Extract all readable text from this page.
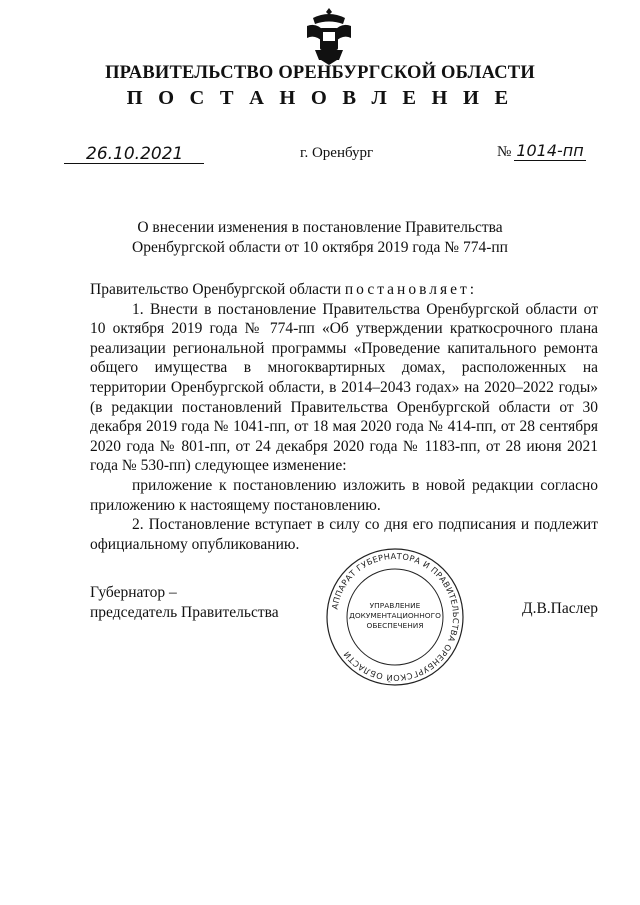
ПРАВИТЕЛЬСТВО ОРЕНБУРГСКОЙ ОБЛАСТИ
П О С Т А Н О В Л Е Н И Е
26.10.2021	г. Оренбург	№ 1014-пп
О внесении изменения в постановление Правительства
Оренбургской области от 10 октября 2019 года № 774-пп

Правительство Оренбургской области постановляет:

1. Внести в постановление Правительства Оренбургской области от 10 октября 2019 года № 774-пп «Об утверждении краткосрочного плана реализации региональной программы «Проведение капитального ремонта общего имущества в многоквартирных домах, расположенных на территории Оренбургской области, в 2014–2043 годах» на 2020–2022 годы» (в редакции постановлений Правительства Оренбургской области от 30 декабря 2019 года № 1041-пп, от 18 мая 2020 года № 414-пп, от 28 сентября 2020 года № 801-пп, от 24 декабря 2020 года № 1183-пп, от 28 июня 2021 года № 530-пп) следующее изменение:

приложение к постановлению изложить в новой редакции согласно приложению к настоящему постановлению.

2. Постановление вступает в силу со дня его подписания и подлежит официальному опубликованию.

Губернатор –
председатель Правительства	Д.В.Паслер
АППАРАТ ГУБЕРНАТОРА И ПРАВИТЕЛЬСТВА ОРЕНБУРГСКОЙ ОБЛАСТИ
УПРАВЛЕНИЕ
ДОКУМЕНТАЦИОННОГО
ОБЕСПЕЧЕНИЯ
